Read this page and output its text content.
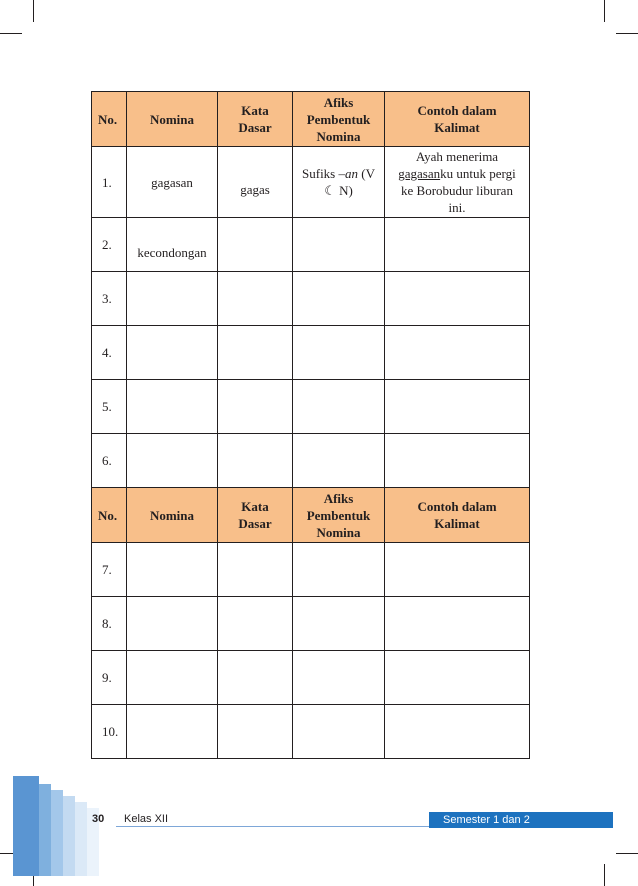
No.	Nomina	Kata Dasar	Afiks Pembentuk Nomina	Contoh dalam Kalimat

1.	gagasan	gagas	Sufiks –an (V
☾ N)	Ayah menerima
gagasanku untuk pergi
ke Borobudur liburan
ini.
2.	kecondongan			

3.				
4.				
5.				
6.				
No.	Nomina	Kata Dasar	Afiks Pembentuk Nomina	Contoh dalam Kalimat

7.				
8.				
9.				
10.				
30 Kelas XII	Semester 1 dan 2
